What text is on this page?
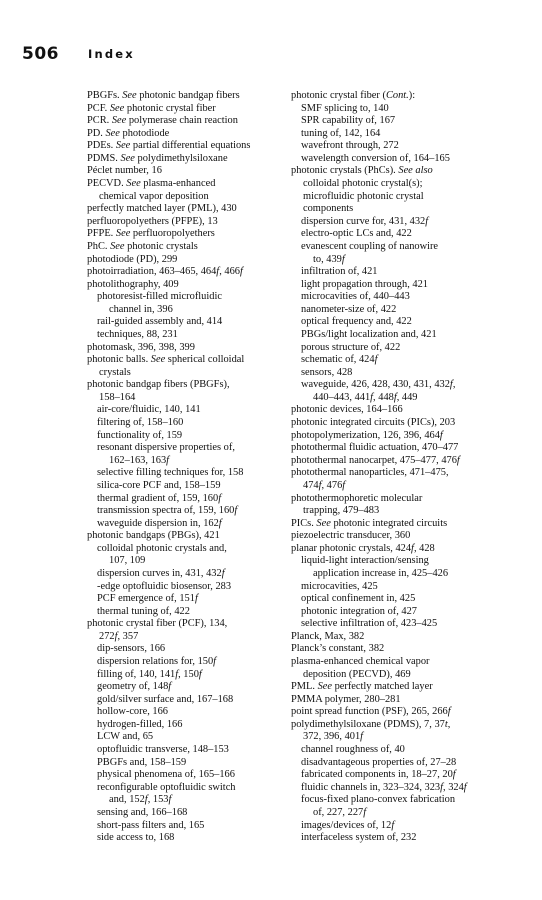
506	Index
PBGFs. See photonic bandgap fibers
PCF. See photonic crystal fiber
PCR. See polymerase chain reaction
PD. See photodiode
PDEs. See partial differential equations
PDMS. See polydimethylsiloxane
Péclet number, 16
PECVD. See plasma-enhanced
chemical vapor deposition
perfectly matched layer (PML), 430
perfluoropolyethers (PFPE), 13
PFPE. See perfluoropolyethers
PhC. See photonic crystals
photodiode (PD), 299
photoirradiation, 463–465, 464f, 466f
photolithography, 409
photoresist-filled microfluidic
channel in, 396
rail-guided assembly and, 414
techniques, 88, 231
photomask, 396, 398, 399
photonic balls. See spherical colloidal
crystals
photonic bandgap fibers (PBGFs),
158–164
air-core/fluidic, 140, 141
filtering of, 158–160
functionality of, 159
resonant dispersive properties of,
162–163, 163f
selective filling techniques for, 158
silica-core PCF and, 158–159
thermal gradient of, 159, 160f
transmission spectra of, 159, 160f
waveguide dispersion in, 162f
photonic bandgaps (PBGs), 421
colloidal photonic crystals and,
107, 109
dispersion curves in, 431, 432f
-edge optofluidic biosensor, 283
PCF emergence of, 151f
thermal tuning of, 422
photonic crystal fiber (PCF), 134,
272f, 357
dip-sensors, 166
dispersion relations for, 150f
filling of, 140, 141f, 150f
geometry of, 148f
gold/silver surface and, 167–168
hollow-core, 166
hydrogen-filled, 166
LCW and, 65
optofluidic transverse, 148–153
PBGFs and, 158–159
physical phenomena of, 165–166
reconfigurable optofluidic switch
and, 152f, 153f
sensing and, 166–168
short-pass filters and, 165
side access to, 168
photonic crystal fiber (Cont.):
SMF splicing to, 140
SPR capability of, 167
tuning of, 142, 164
wavefront through, 272
wavelength conversion of, 164–165
photonic crystals (PhCs). See also
colloidal photonic crystal(s);
microfluidic photonic crystal
components
dispersion curve for, 431, 432f
electro-optic LCs and, 422
evanescent coupling of nanowire
to, 439f
infiltration of, 421
light propagation through, 421
microcavities of, 440–443
nanometer-size of, 422
optical frequency and, 422
PBGs/light localization and, 421
porous structure of, 422
schematic of, 424f
sensors, 428
waveguide, 426, 428, 430, 431, 432f,
440–443, 441f, 448f, 449
photonic devices, 164–166
photonic integrated circuits (PICs), 203
photopolymerization, 126, 396, 464f
photothermal fluidic actuation, 470–477
photothermal nanocarpet, 475–477, 476f
photothermal nanoparticles, 471–475,
474f, 476f
photothermophoretic molecular
trapping, 479–483
PICs. See photonic integrated circuits
piezoelectric transducer, 360
planar photonic crystals, 424f, 428
liquid-light interaction/sensing
application increase in, 425–426
microcavities, 425
optical confinement in, 425
photonic integration of, 427
selective infiltration of, 423–425
Planck, Max, 382
Planck’s constant, 382
plasma-enhanced chemical vapor
deposition (PECVD), 469
PML. See perfectly matched layer
PMMA polymer, 280–281
point spread function (PSF), 265, 266f
polydimethylsiloxane (PDMS), 7, 37t,
372, 396, 401f
channel roughness of, 40
disadvantageous properties of, 27–28
fabricated components in, 18–27, 20f
fluidic channels in, 323–324, 323f, 324f
focus-fixed plano-convex fabrication
of, 227, 227f
images/devices of, 12f
interfaceless system of, 232
